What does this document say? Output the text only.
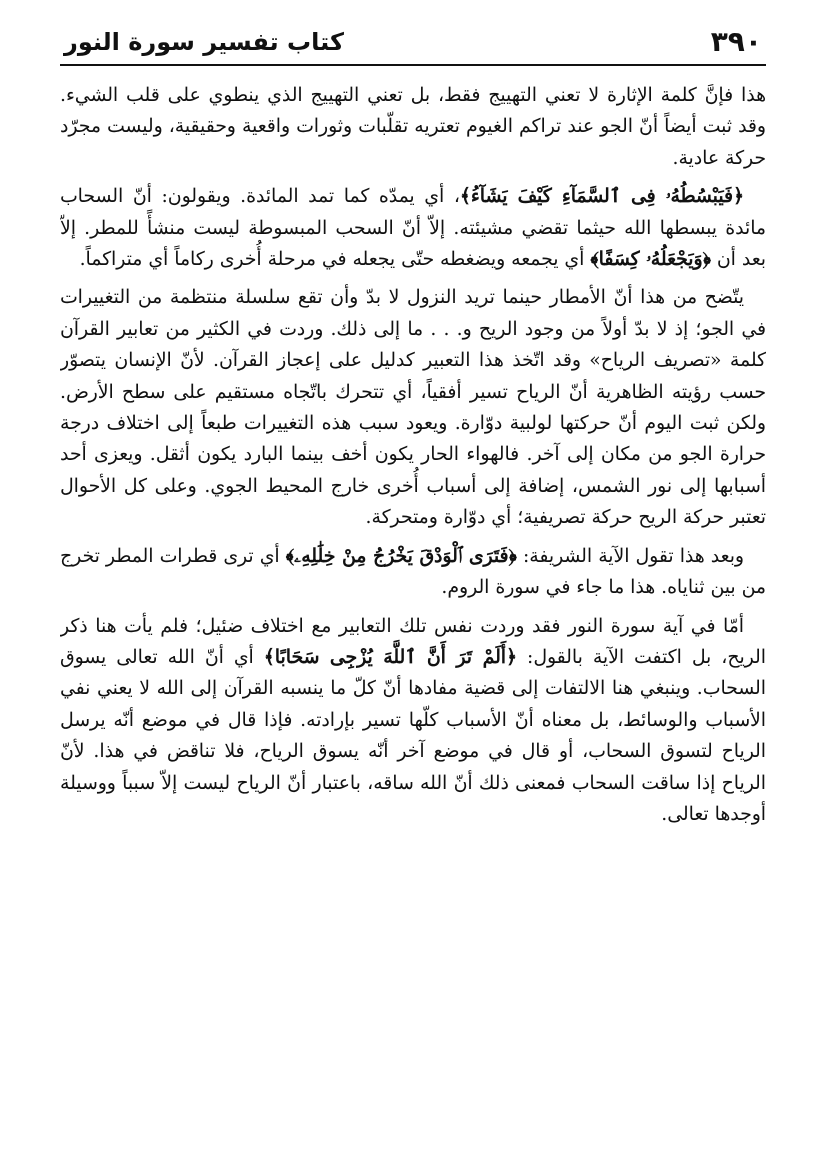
٣٩٠
كتاب تفسير سورة النور

هذا فإنَّ كلمة الإثارة لا تعني التهييج فقط، بل تعني التهييج الذي ينطوي على قلب الشيء. وقد ثبت أيضاً أنّ الجو عند تراكم الغيوم تعتريه تقلّبات وثورات واقعية وحقيقية، وليست مجرّد حركة عادية.

﴿فَيَبْسُطُهُۥ فِى ٱلسَّمَآءِ كَيْفَ يَشَآءُ﴾، أي يمدّه كما تمد المائدة. ويقولون: أنّ السحاب مائدة يبسطها الله حيثما تقضي مشيئته. إلاّ أنّ السحب المبسوطة ليست منشأً للمطر. إلاّ بعد أن ﴿وَيَجْعَلُهُۥ كِسَفًا﴾ أي يجمعه ويضغطه حتّى يجعله في مرحلة أُخرى ركاماً أي متراكماً.

يتّضح من هذا أنّ الأمطار حينما تريد النزول لا بدّ وأن تقع سلسلة منتظمة من التغييرات في الجو؛ إذ لا بدّ أولاً من وجود الريح و. . . ما إلى ذلك. وردت في الكثير من تعابير القرآن كلمة «تصريف الرياح» وقد اتّخذ هذا التعبير كدليل على إعجاز القرآن. لأنّ الإنسان يتصوّر حسب رؤيته الظاهرية أنّ الرياح تسير أفقياً، أي تتحرك باتّجاه مستقيم على سطح الأرض. ولكن ثبت اليوم أنّ حركتها لولبية دوّارة. ويعود سبب هذه التغييرات طبعاً إلى اختلاف درجة حرارة الجو من مكان إلى آخر. فالهواء الحار يكون أخف بينما البارد يكون أثقل. ويعزى أحد أسبابها إلى نور الشمس، إضافة إلى أسباب أُخرى خارج المحيط الجوي. وعلى كل الأحوال تعتبر حركة الريح حركة تصريفية؛ أي دوّارة ومتحركة.

وبعد هذا تقول الآية الشريفة: ﴿فَتَرَى ٱلْوَدْقَ يَخْرُجُ مِنْ خِلَٰلِهِۦ﴾ أي ترى قطرات المطر تخرج من بين ثناياه. هذا ما جاء في سورة الروم.

أمّا في آية سورة النور فقد وردت نفس تلك التعابير مع اختلاف ضئيل؛ فلم يأت هنا ذكر الريح، بل اكتفت الآية بالقول: ﴿أَلَمْ تَرَ أَنَّ ٱللَّهَ يُزْجِى سَحَابًا﴾ أي أنّ الله تعالى يسوق السحاب. وينبغي هنا الالتفات إلى قضية مفادها أنّ كلّ ما ينسبه القرآن إلى الله لا يعني نفي الأسباب والوسائط، بل معناه أنّ الأسباب كلّها تسير بإرادته. فإذا قال في موضع أنّه يرسل الرياح لتسوق السحاب، أو قال في موضع آخر أنّه يسوق الرياح، فلا تناقض في هذا. لأنّ الرياح إذا ساقت السحاب فمعنى ذلك أنّ الله ساقه، باعتبار أنّ الرياح ليست إلاّ سبباً ووسيلة أوجدها تعالى.
